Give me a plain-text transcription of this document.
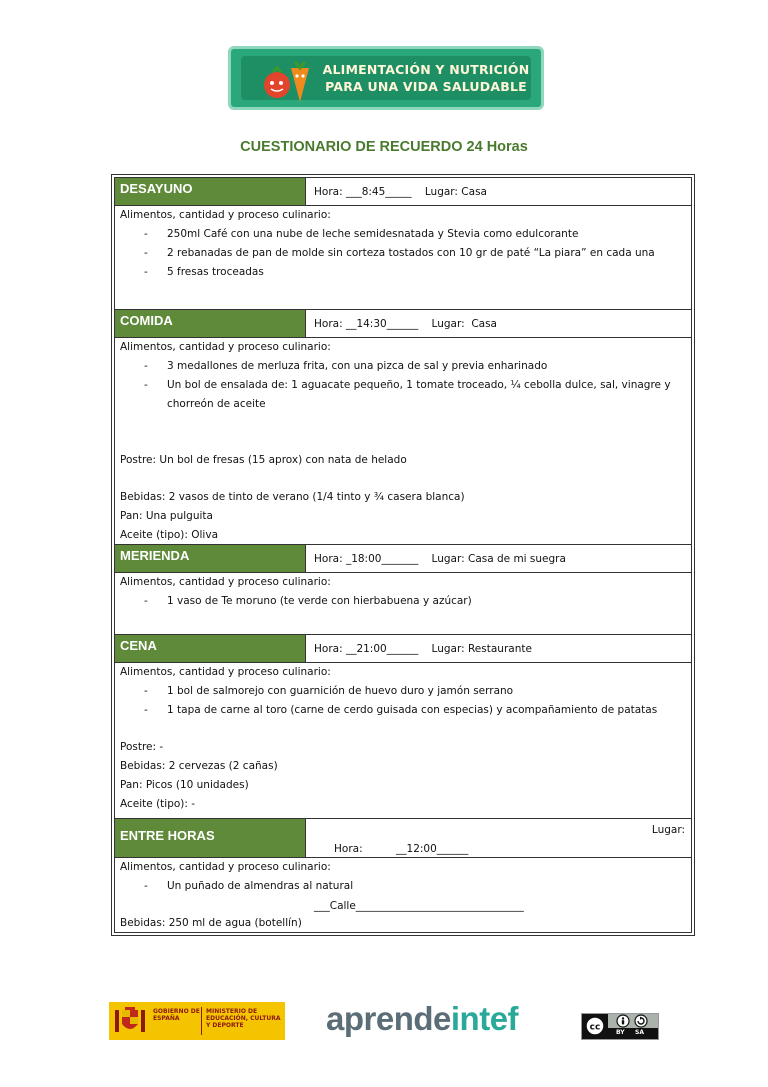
ALIMENTACIÓN Y NUTRICIÓN
PARA UNA VIDA SALUDABLE
CUESTIONARIO DE RECUERDO 24 Horas
DESAYUNO	Hora: ___8:45_____    Lugar: Casa
Alimentos, cantidad y proceso culinario:
- 250ml Café con una nube de leche semidesnatada y Stevia como edulcorante
- 2 rebanadas de pan de molde sin corteza tostados con 10 gr de paté “La piara” en cada una
- 5 fresas troceadas
COMIDA	Hora: __14:30______    Lugar:  Casa
Alimentos, cantidad y proceso culinario:
- 3 medallones de merluza frita, con una pizca de sal y previa enharinado
- Un bol de ensalada de: 1 aguacate pequeño, 1 tomate troceado, ¼ cebolla dulce, sal, vinagre y
chorreón de aceite
Postre: Un bol de fresas (15 aprox) con nata de helado
Bebidas: 2 vasos de tinto de verano (1/4 tinto y ¾ casera blanca)
Pan: Una pulguita
Aceite (tipo): Oliva
MERIENDA	Hora: _18:00_______    Lugar: Casa de mi suegra
Alimentos, cantidad y proceso culinario:
- 1 vaso de Te moruno (te verde con hierbabuena y azúcar)
CENA	Hora: __21:00______    Lugar: Restaurante
Alimentos, cantidad y proceso culinario:
- 1 bol de salmorejo con guarnición de huevo duro y jamón serrano
- 1 tapa de carne al toro (carne de cerdo guisada con especias) y acompañamiento de patatas
Postre: -
Bebidas: 2 cervezas (2 cañas)
Pan: Picos (10 unidades)
Aceite (tipo): -
ENTRE HORAS

Hora:          __12:00______

Lugar:

___Calle________________________________

Alimentos, cantidad y proceso culinario:
- Un puñado de almendras al natural
Bebidas: 250 ml de agua (botellín)
GOBIERNO DE ESPAÑA
MINISTERIO DE EDUCACIÓN, CULTURA Y DEPORTE	aprendeintef	cc	BY SA
